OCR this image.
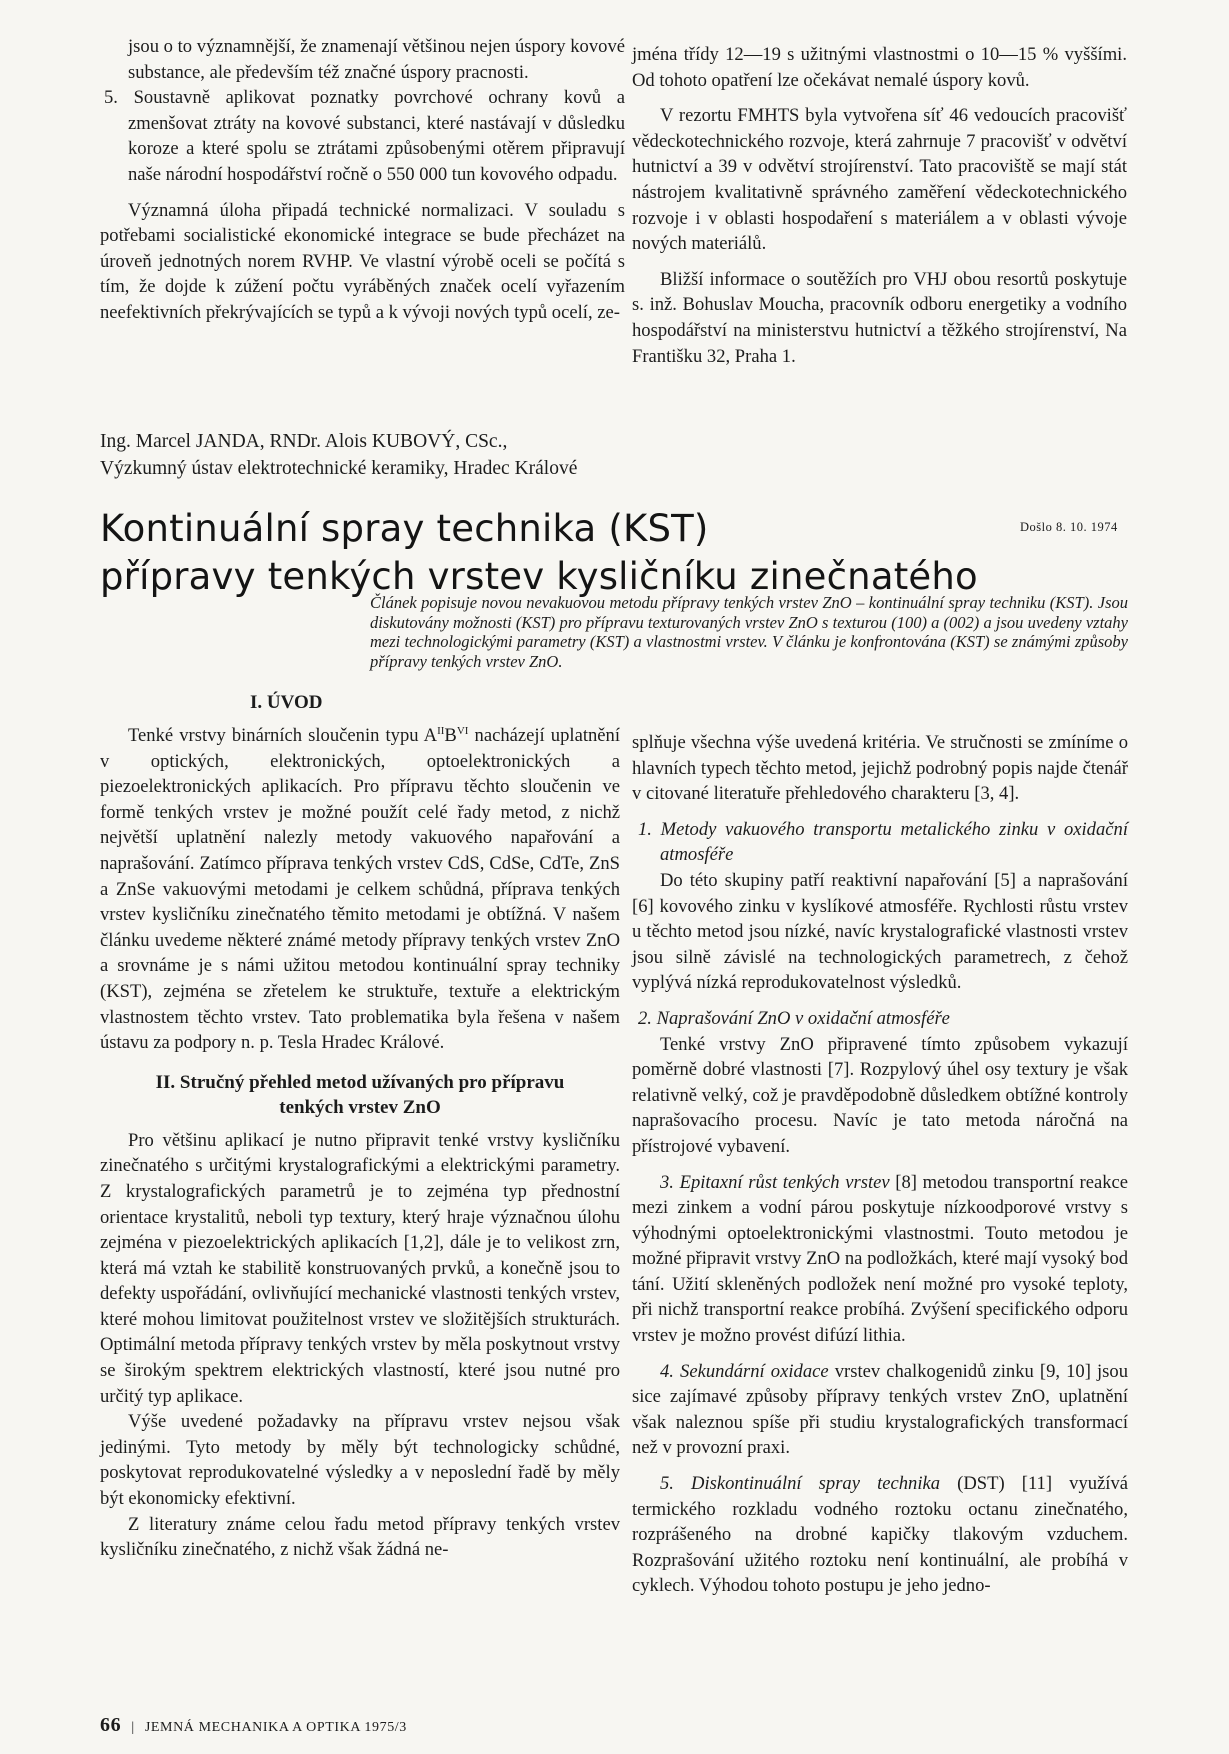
jsou o to významnější, že znamenají většinou nejen úspory kovové substance, ale především též značné úspory pracnosti.

5. Soustavně aplikovat poznatky povrchové ochrany kovů a zmenšovat ztráty na kovové substanci, které nastávají v důsledku koroze a které spolu se ztrátami způsobenými otěrem připravují naše národní hospodářství ročně o 550 000 tun kovového odpadu.

Významná úloha připadá technické normalizaci. V souladu s potřebami socialistické ekonomické integrace se bude přecházet na úroveň jednotných norem RVHP. Ve vlastní výrobě oceli se počítá s tím, že dojde k zúžení počtu vyráběných značek ocelí vyřazením neefektivních překrývajících se typů a k vývoji nových typů ocelí, ze-

jména třídy 12—19 s užitnými vlastnostmi o 10—15 % vyššími. Od tohoto opatření lze očekávat nemalé úspory kovů.

V rezortu FMHTS byla vytvořena síť 46 vedoucích pracovišť vědeckotechnického rozvoje, která zahrnuje 7 pracovišť v odvětví hutnictví a 39 v odvětví strojírenství. Tato pracoviště se mají stát nástrojem kvalitativně správného zaměření vědeckotechnického rozvoje i v oblasti hospodaření s materiálem a v oblasti vývoje nových materiálů.

Bližší informace o soutěžích pro VHJ obou resortů poskytuje s. inž. Bohuslav Moucha, pracovník odboru energetiky a vodního hospodářství na ministerstvu hutnictví a těžkého strojírenství, Na Františku 32, Praha 1.

Ing. Marcel JANDA, RNDr. Alois KUBOVÝ, CSc.,
Výzkumný ústav elektrotechnické keramiky, Hradec Králové
Kontinuální spray technika (KST)
přípravy tenkých vrstev kysličníku zinečnatého
Došlo 8. 10. 1974
Článek popisuje novou nevakuovou metodu přípravy tenkých vrstev ZnO – kontinuální spray techniku (KST). Jsou diskutovány možnosti (KST) pro přípravu texturovaných vrstev ZnO s texturou (100) a (002) a jsou uvedeny vztahy mezi technologickými parametry (KST) a vlastnostmi vrstev. V článku je konfrontována (KST) se známými způsoby přípravy tenkých vrstev ZnO.

I. ÚVOD

Tenké vrstvy binárních sloučenin typu $A^{II}B^{VI}$ nacházejí uplatnění v optických, elektronických, optoelektronických a piezoelektronických aplikacích. Pro přípravu těchto sloučenin ve formě tenkých vrstev je možné použít celé řady metod, z nichž největší uplatnění nalezly metody vakuového napařování a naprašování. Zatímco příprava tenkých vrstev CdS, CdSe, CdTe, ZnS a ZnSe vakuovými metodami je celkem schůdná, příprava tenkých vrstev kysličníku zinečnatého těmito metodami je obtížná. V našem článku uvedeme některé známé metody přípravy tenkých vrstev ZnO a srovnáme je s námi užitou metodou kontinuální spray techniky (KST), zejména se zřetelem ke struktuře, textuře a elektrickým vlastnostem těchto vrstev. Tato problematika byla řešena v našem ústavu za podpory n. p. Tesla Hradec Králové.

II. Stručný přehled metod užívaných pro přípravu
tenkých vrstev ZnO

Pro většinu aplikací je nutno připravit tenké vrstvy kysličníku zinečnatého s určitými krystalografickými a elektrickými parametry. Z krystalografických parametrů je to zejména typ přednostní orientace krystalitů, neboli typ textury, který hraje význačnou úlohu zejména v piezoelektrických aplikacích [1,2], dále je to velikost zrn, která má vztah ke stabilitě konstruovaných prvků, a konečně jsou to defekty uspořádání, ovlivňující mechanické vlastnosti tenkých vrstev, které mohou limitovat použitelnost vrstev ve složitějších strukturách. Optimální metoda přípravy tenkých vrstev by měla poskytnout vrstvy se širokým spektrem elektrických vlastností, které jsou nutné pro určitý typ aplikace.

Výše uvedené požadavky na přípravu vrstev nejsou však jedinými. Tyto metody by měly být technologicky schůdné, poskytovat reprodukovatelné výsledky a v neposlední řadě by měly být ekonomicky efektivní.

Z literatury známe celou řadu metod přípravy tenkých vrstev kysličníku zinečnatého, z nichž však žádná ne-

splňuje všechna výše uvedená kritéria. Ve stručnosti se zmíníme o hlavních typech těchto metod, jejichž podrobný popis najde čtenář v citované literatuře přehledového charakteru [3, 4].

1. Metody vakuového transportu metalického zinku v oxidační atmosféře

Do této skupiny patří reaktivní napařování [5] a naprašování [6] kovového zinku v kyslíkové atmosféře. Rychlosti růstu vrstev u těchto metod jsou nízké, navíc krystalografické vlastnosti vrstev jsou silně závislé na technologických parametrech, z čehož vyplývá nízká reprodukovatelnost výsledků.

2. Naprašování ZnO v oxidační atmosféře

Tenké vrstvy ZnO připravené tímto způsobem vykazují poměrně dobré vlastnosti [7]. Rozpylový úhel osy textury je však relativně velký, což je pravděpodobně důsledkem obtížné kontroly naprašovacího procesu. Navíc je tato metoda náročná na přístrojové vybavení.

3. Epitaxní růst tenkých vrstev [8] metodou transportní reakce mezi zinkem a vodní párou poskytuje nízkoodporové vrstvy s výhodnými optoelektronickými vlastnostmi. Touto metodou je možné připravit vrstvy ZnO na podložkách, které mají vysoký bod tání. Užití skleněných podložek není možné pro vysoké teploty, při nichž transportní reakce probíhá. Zvýšení specifického odporu vrstev je možno provést difúzí lithia.

4. Sekundární oxidace vrstev chalkogenidů zinku [9, 10] jsou sice zajímavé způsoby přípravy tenkých vrstev ZnO, uplatnění však naleznou spíše při studiu krystalografických transformací než v provozní praxi.

5. Diskontinuální spray technika (DST) [11] využívá termického rozkladu vodného roztoku octanu zinečnatého, rozprášeného na drobné kapičky tlakovým vzduchem. Rozprašování užitého roztoku není kontinuální, ale probíhá v cyklech. Výhodou tohoto postupu je jeho jedno-

66 | JEMNÁ MECHANIKA A OPTIKA 1975/3
